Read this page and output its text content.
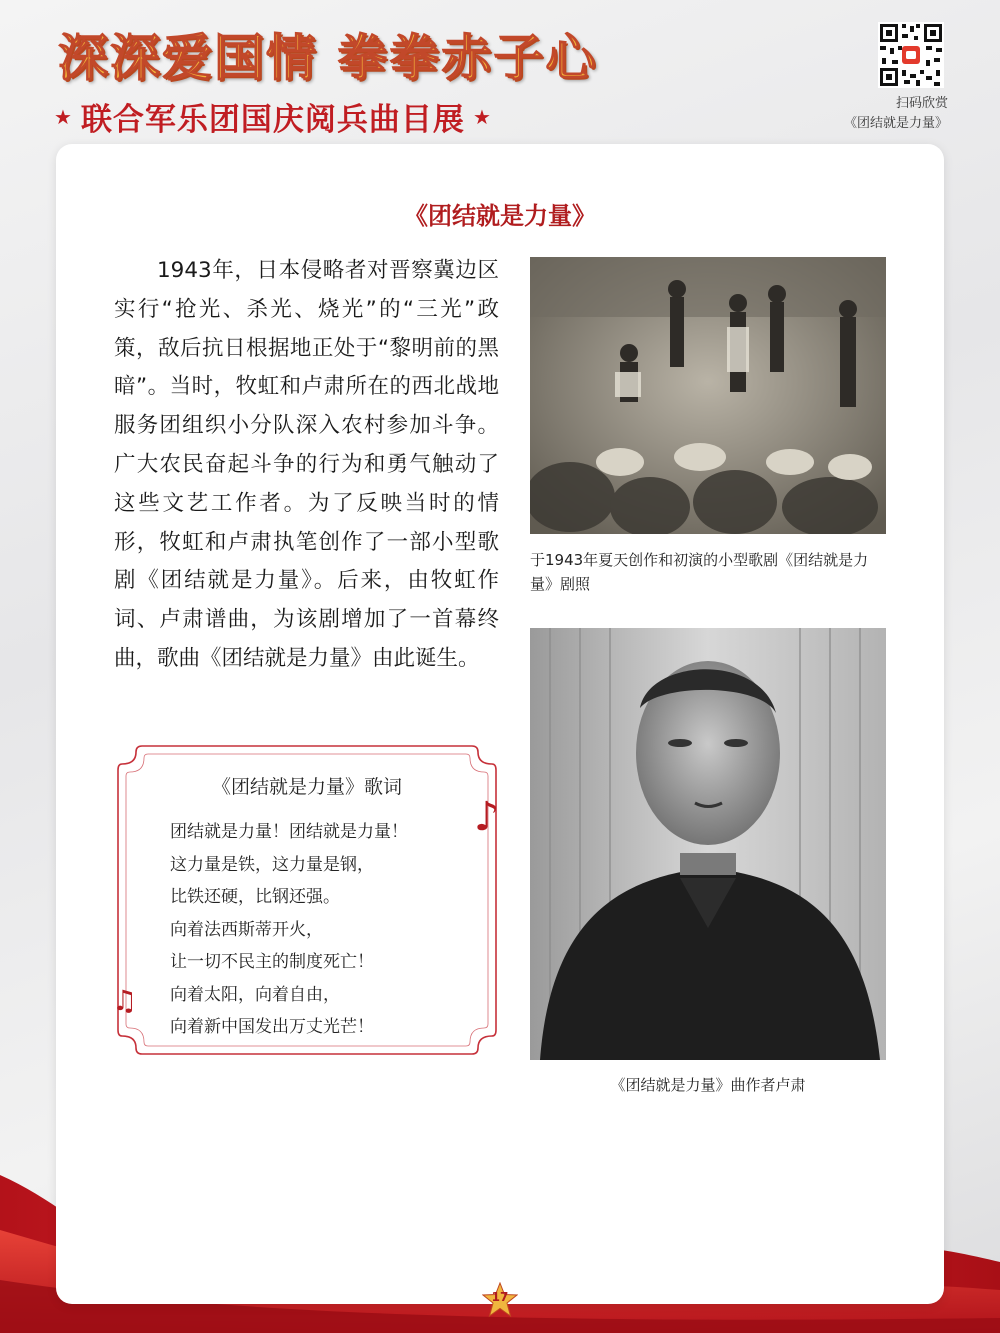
深深爱国情 拳拳赤子心
★ 联合军乐团国庆阅兵曲目展 ★
扫码欣赏
《团结就是力量》
《团结就是力量》
1943年，日本侵略者对晋察冀边区实行“抢光、杀光、烧光”的“三光”政策，敌后抗日根据地正处于“黎明前的黑暗”。当时，牧虹和卢肃所在的西北战地服务团组织小分队深入农村参加斗争。广大农民奋起斗争的行为和勇气触动了这些文艺工作者。为了反映当时的情形，牧虹和卢肃执笔创作了一部小型歌剧《团结就是力量》。后来，由牧虹作词、卢肃谱曲，为该剧增加了一首幕终曲，歌曲《团结就是力量》由此诞生。
于1943年夏天创作和初演的小型歌剧《团结就是力量》剧照
《团结就是力量》曲作者卢肃
《团结就是力量》歌词
团结就是力量！团结就是力量！
这力量是铁，这力量是钢，
比铁还硬，比钢还强。
向着法西斯蒂开火，
让一切不民主的制度死亡！
向着太阳，向着自由，
向着新中国发出万丈光芒！
♪
♫
17
